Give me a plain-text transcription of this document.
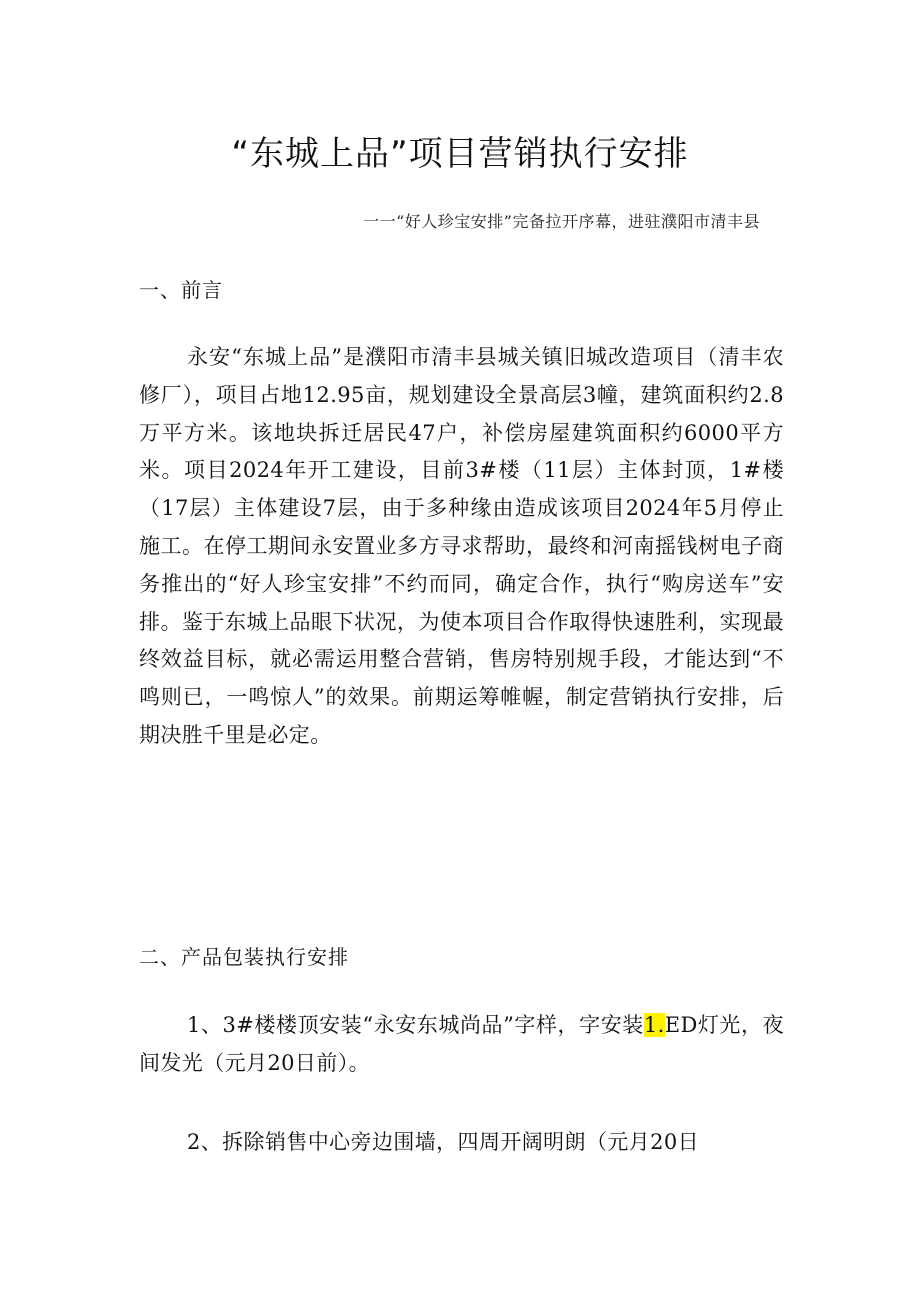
“东城上品”项目营销执行安排
一一“好人珍宝安排”完备拉开序幕，进驻濮阳市清丰县
一、前言

永安“东城上品”是濮阳市清丰县城关镇旧城改造项目（清丰农修厂），项目占地12.95亩，规划建设全景高层3幢，建筑面积约2.8万平方米。该地块拆迁居民47户，补偿房屋建筑面积约6000平方米。项目2024年开工建设，目前3#楼（11层）主体封顶，1#楼（17层）主体建设7层，由于多种缘由造成该项目2024年5月停止施工。在停工期间永安置业多方寻求帮助，最终和河南摇钱树电子商务推出的“好人珍宝安排”不约而同，确定合作，执行“购房送车”安排。鉴于东城上品眼下状况，为使本项目合作取得快速胜利，实现最终效益目标，就必需运用整合营销，售房特别规手段，才能达到“不鸣则已，一鸣惊人”的效果。前期运筹帷幄，制定营销执行安排，后期决胜千里是必定。

二、产品包装执行安排

1、3#楼楼顶安装“永安东城尚品”字样，字安装1.ED灯光，夜间发光（元月20日前）。

2、拆除销售中心旁边围墙，四周开阔明朗（元月20日
